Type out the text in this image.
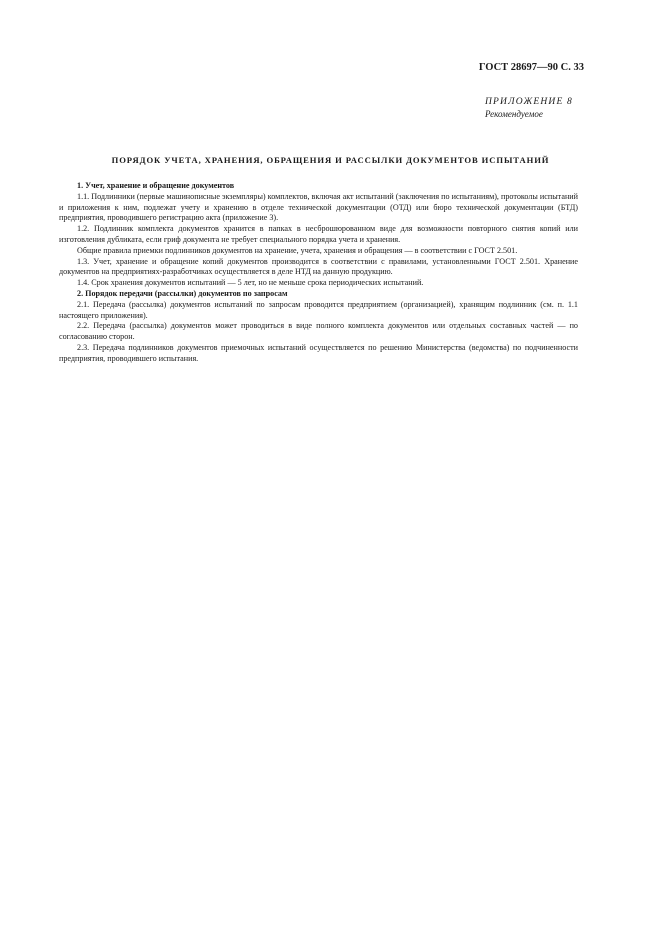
ГОСТ 28697—90 С. 33
ПРИЛОЖЕНИЕ 8
Рекомендуемое
ПОРЯДОК УЧЕТА, ХРАНЕНИЯ, ОБРАЩЕНИЯ И РАССЫЛКИ ДОКУМЕНТОВ ИСПЫТАНИЙ

1. Учет, хранение и обращение документов

1.1. Подлинники (первые машинописные экземпляры) комплектов, включая акт испытаний (заключения по испытаниям), протоколы испытаний и приложения к ним, подлежат учету и хранению в отделе технической документации (ОТД) или бюро технической документации (БТД) предприятия, проводившего регистрацию акта (приложение 3).

1.2. Подлинник комплекта документов хранится в папках в несброшюрованном виде для возможности повторного снятия копий или изготовления дубликата, если гриф документа не требует специального порядка учета и хранения.

Общие правила приемки подлинников документов на хранение, учета, хранения и обращения — в соответствии с ГОСТ 2.501.

1.3. Учет, хранение и обращение копий документов производится в соответствии с правилами, установленными ГОСТ 2.501. Хранение документов на предприятиях-разработчиках осуществляется в деле НТД на данную продукцию.

1.4. Срок хранения документов испытаний — 5 лет, но не меньше срока периодических испытаний.

2. Порядок передачи (рассылки) документов по запросам

2.1. Передача (рассылка) документов испытаний по запросам проводится предприятием (организацией), хранящим подлинник (см. п. 1.1 настоящего приложения).

2.2. Передача (рассылка) документов может проводиться в виде полного комплекта документов или отдельных составных частей — по согласованию сторон.

2.3. Передача подлинников документов приемочных испытаний осуществляется по решению Министерства (ведомства) по подчиненности предприятия, проводившего испытания.
